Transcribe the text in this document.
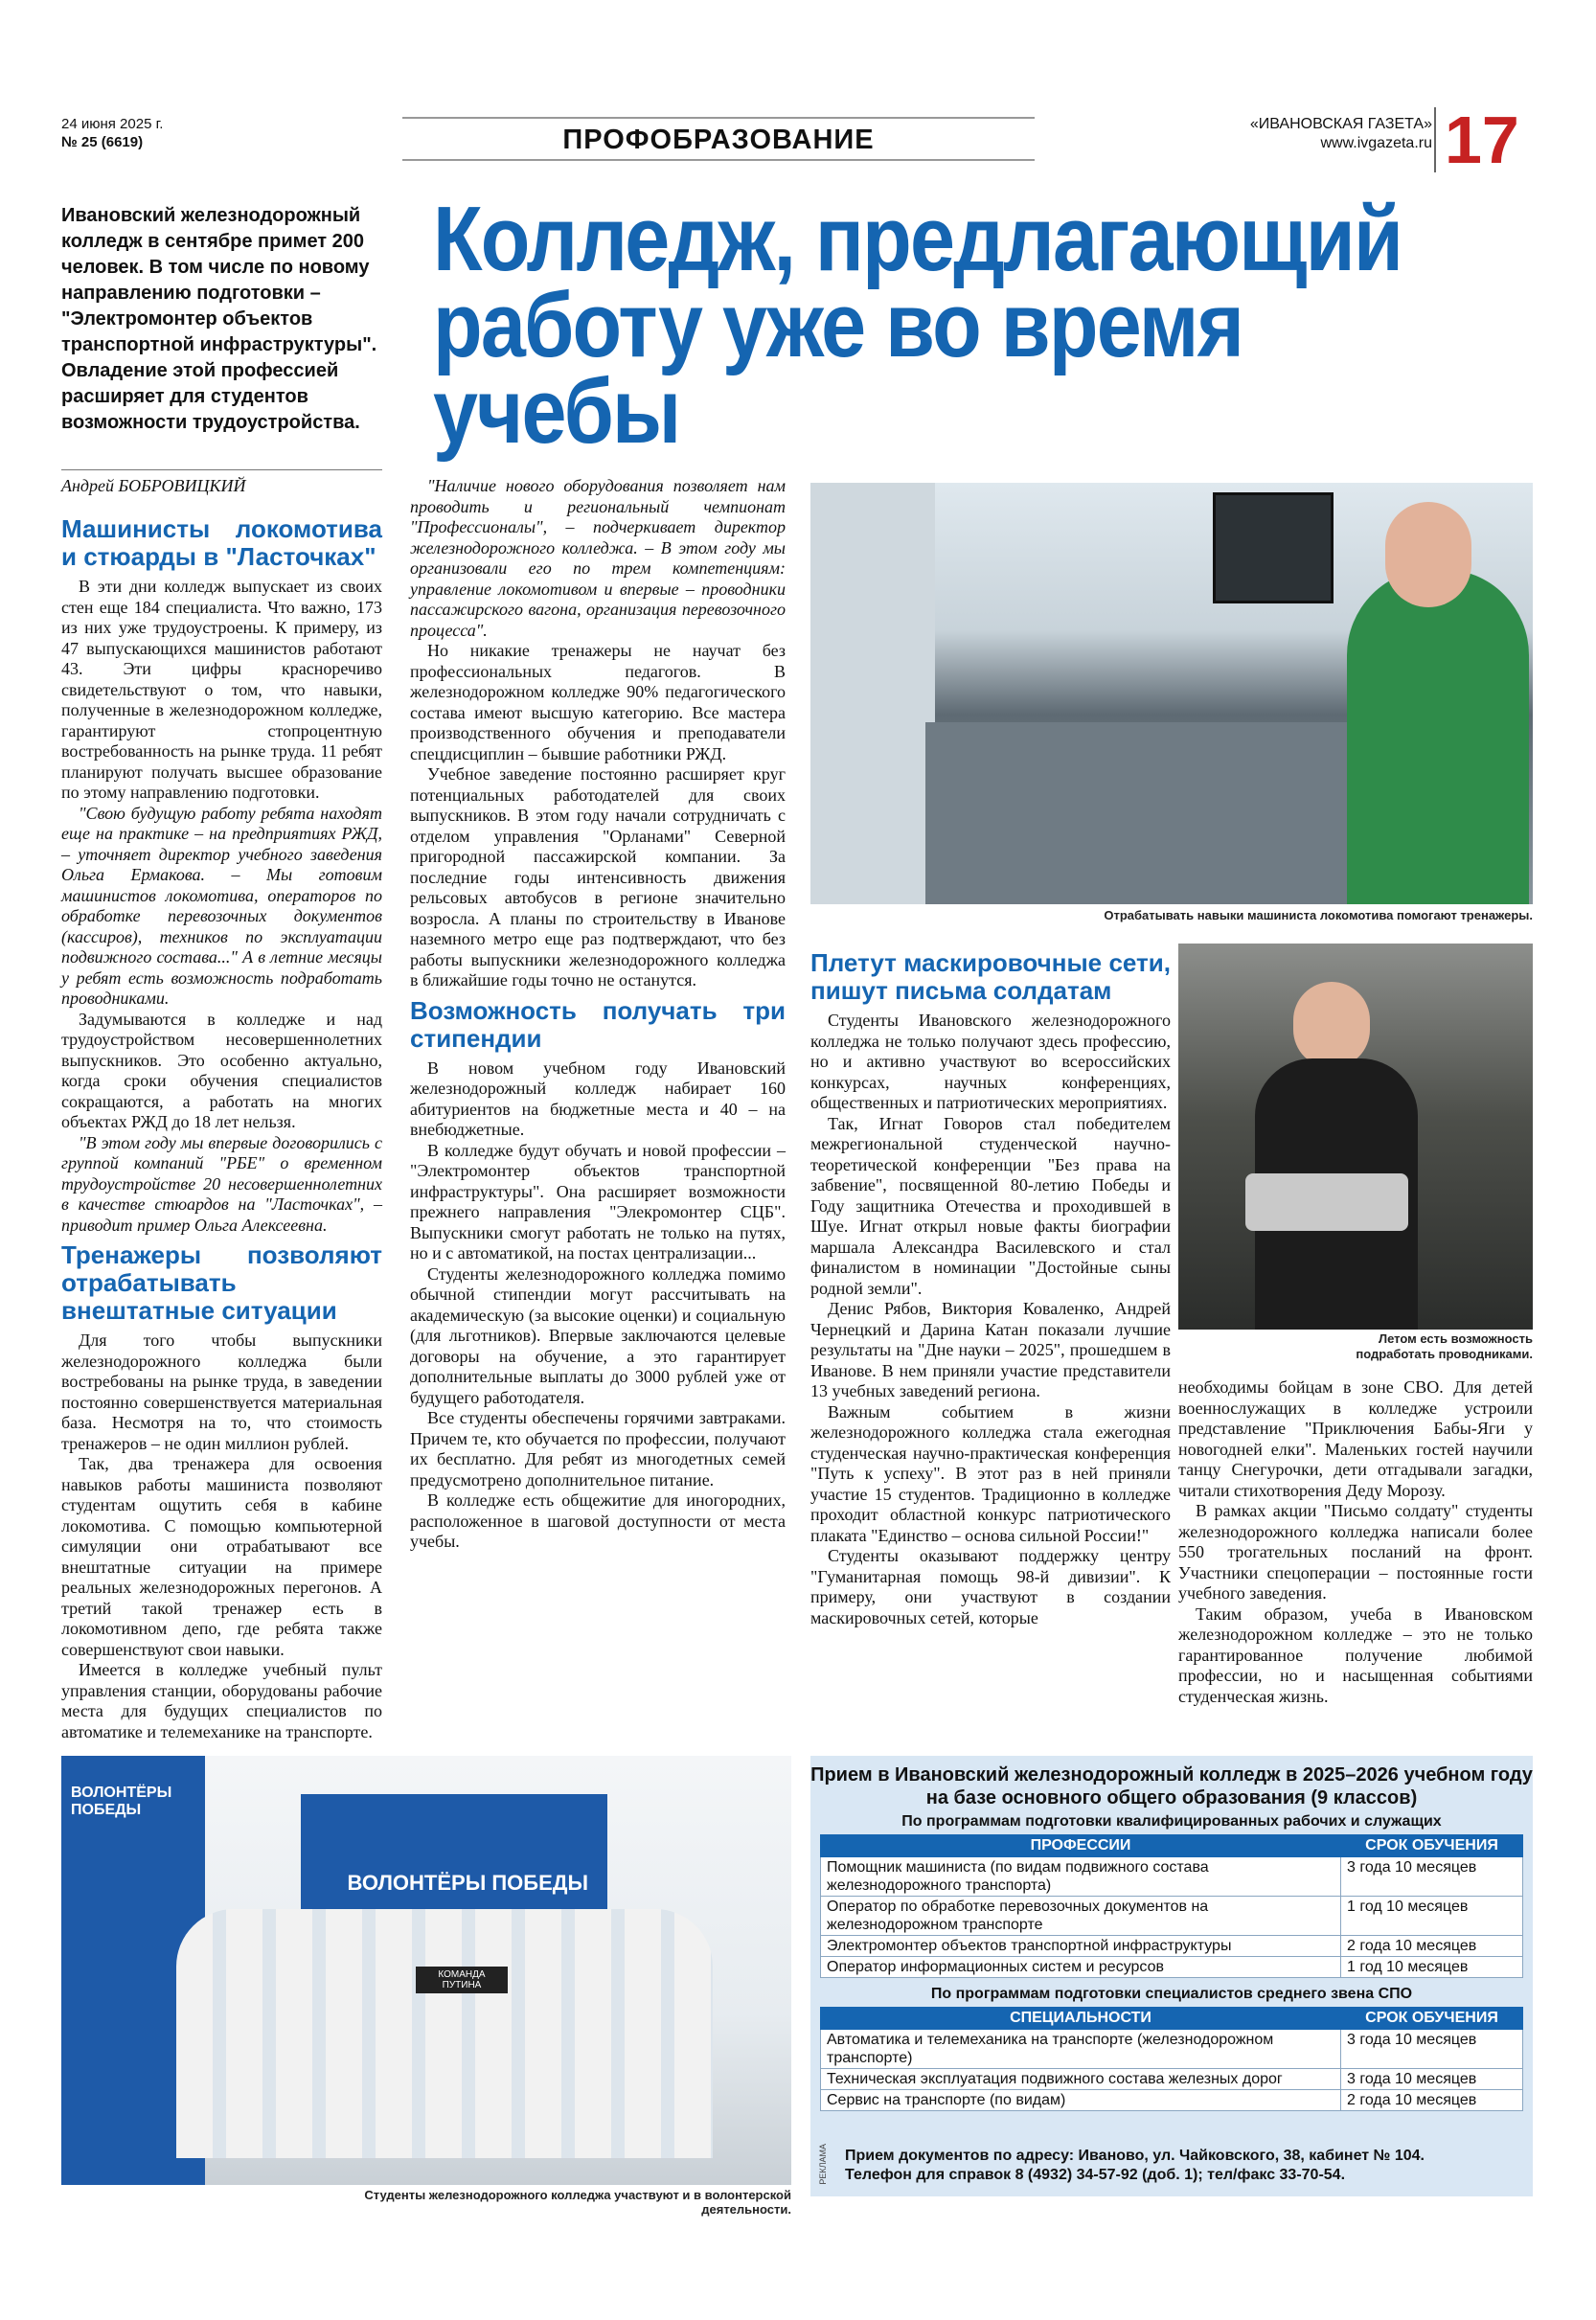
24 июня 2025 г.
№ 25 (6619)	ПРОФОБРАЗОВАНИЕ
«ИВАНОВСКАЯ ГАЗЕТА»
www.ivgazeta.ru 17
Ивановский железнодорожный колледж в сентябре примет 200 человек. В том числе по новому направлению подготовки – "Электромонтер объектов транспортной инфраструктуры". Овладение этой профессией расширяет для студентов возможности трудоустройства.
Андрей БОБРОВИЦКИЙ
Колледж, предлагающий работу уже во время учебы
Машинисты локомотива и стюарды в "Ласточках"

В эти дни колледж выпускает из своих стен еще 184 специалиста. Что важно, 173 из них уже трудоустроены. К примеру, из 47 выпускающихся машинистов работают 43. Эти цифры красноречиво свидетельствуют о том, что навыки, полученные в железнодорожном колледже, гарантируют стопроцентную востребованность на рынке труда. 11 ребят планируют получать высшее образование по этому направлению подготовки.

"Свою будущую работу ребята находят еще на практике – на предприятиях РЖД, – уточняет директор учебного заведения Ольга Ермакова. – Мы готовим машинистов локомотива, операторов по обработке перевозочных документов (кассиров), техников по эксплуатации подвижного состава..." А в летние месяцы у ребят есть возможность подработать проводниками.

Задумываются в колледже и над трудоустройством несовершеннолетних выпускников. Это особенно актуально, когда сроки обучения специалистов сокращаются, а работать на многих объектах РЖД до 18 лет нельзя.

"В этом году мы впервые договорились с группой компаний "РБЕ" о временном трудоустройстве 20 несовершеннолетних в качестве стюардов на "Ласточках", – приводит пример Ольга Алексеевна.

Тренажеры позволяют отрабатывать внештатные ситуации

Для того чтобы выпускники железнодорожного колледжа были востребованы на рынке труда, в заведении постоянно совершенствуется материальная база. Несмотря на то, что стоимость тренажеров – не один миллион рублей.

Так, два тренажера для освоения навыков работы машиниста позволяют студентам ощутить себя в кабине локомотива. С помощью компьютерной симуляции они отрабатывают все внештатные ситуации на примере реальных железнодорожных перегонов. А третий такой тренажер есть в локомотивном депо, где ребята также совершенствуют свои навыки.

Имеется в колледже учебный пульт управления станции, оборудованы рабочие места для будущих специалистов по автоматике и телемеханике на транспорте.

"Наличие нового оборудования позволяет нам проводить и региональный чемпионат "Профессионалы", – подчеркивает директор железнодорожного колледжа. – В этом году мы организовали его по трем компетенциям: управление локомотивом и впервые – проводники пассажирского вагона, организация перевозочного процесса".

Но никакие тренажеры не научат без профессиональных педагогов. В железнодорожном колледже 90% педагогического состава имеют высшую категорию. Все мастера производственного обучения и преподаватели спецдисциплин – бывшие работники РЖД.

Учебное заведение постоянно расширяет круг потенциальных работодателей для своих выпускников. В этом году начали сотрудничать с отделом управления "Орланами" Северной пригородной пассажирской компании. За последние годы интенсивность движения рельсовых автобусов в регионе значительно возросла. А планы по строительству в Иванове наземного метро еще раз подтверждают, что без работы выпускники железнодорожного колледжа в ближайшие годы точно не останутся.

Возможность получать три стипендии

В новом учебном году Ивановский железнодорожный колледж набирает 160 абитуриентов на бюджетные места и 40 – на внебюджетные.

В колледже будут обучать и новой профессии – "Электромонтер объектов транспортной инфраструктуры". Она расширяет возможности прежнего направления "Элекромонтер СЦБ". Выпускники смогут работать не только на путях, но и с автоматикой, на постах централизации...

Студенты железнодорожного колледжа помимо обычной стипендии могут рассчитывать на академическую (за высокие оценки) и социальную (для льготников). Впервые заключаются целевые договоры на обучение, а это гарантирует дополнительные выплаты до 3000 рублей уже от будущего работодателя.

Все студенты обеспечены горячими завтраками. Причем те, кто обучается по профессии, получают их бесплатно. Для ребят из многодетных семей предусмотрено дополнительное питание.

В колледже есть общежитие для иногородних, расположенное в шаговой доступности от места учебы.

Отрабатывать навыки машиниста локомотива помогают тренажеры.
Плетут маскировочные сети, пишут письма солдатам

Студенты Ивановского железнодорожного колледжа не только получают здесь профессию, но и активно участвуют во всероссийских конкурсах, научных конференциях, общественных и патриотических мероприятиях.

Так, Игнат Говоров стал победителем межрегиональной студенческой научно-теоретической конференции "Без права на забвение", посвященной 80-летию Победы и Году защитника Отечества и проходившей в Шуе. Игнат открыл новые факты биографии маршала Александра Василевского и стал финалистом в номинации "Достойные сыны родной земли".

Денис Рябов, Виктория Коваленко, Андрей Чернецкий и Дарина Катан показали лучшие результаты на "Дне науки – 2025", прошедшем в Иванове. В нем приняли участие представители 13 учебных заведений региона.

Важным событием в жизни железнодорожного колледжа стала ежегодная студенческая научно-практическая конференция "Путь к успеху". В этот раз в ней приняли участие 15 студентов. Традиционно в колледже проходит областной конкурс патриотического плаката "Единство – основа сильной России!"

Студенты оказывают поддержку центру "Гуманитарная помощь 98-й дивизии". К примеру, они участвуют в создании маскировочных сетей, которые

Летом есть возможность подработать проводниками.

необходимы бойцам в зоне СВО. Для детей военнослужащих в колледже устроили представление "Приключения Бабы-Яги у новогодней елки". Маленьких гостей научили танцу Снегурочки, дети отгадывали загадки, читали стихотворения Деду Морозу.

В рамках акции "Письмо солдату" студенты железнодорожного колледжа написали более 550 трогательных посланий на фронт. Участники спецоперации – постоянные гости учебного заведения.

Таким образом, учеба в Ивановском железнодорожном колледже – это не только гарантированное получение любимой профессии, но и насыщенная событиями студенческая жизнь.

ВОЛОНТЁРЫ ПОБЕДЫ
ВОЛОНТЁРЫ ПОБЕДЫ
КОМАНДА ПУТИНА
Студенты железнодорожного колледжа участвуют и в волонтерской деятельности.
Прием в Ивановский железнодорожный колледж в 2025–2026 учебном году
на базе основного общего образования (9 классов)
По программам подготовки квалифицированных рабочих и служащих
ПРОФЕССИИ	СРОК ОБУЧЕНИЯ
Помощник машиниста (по видам подвижного состава железнодорожного транспорта)	3 года 10 месяцев
Оператор по обработке перевозочных документов на железнодорожном транспорте	1 год 10 месяцев
Электромонтер объектов транспортной инфраструктуры	2 года 10 месяцев
Оператор информационных систем и ресурсов	1 год 10 месяцев
По программам подготовки специалистов среднего звена СПО
СПЕЦИАЛЬНОСТИ	СРОК ОБУЧЕНИЯ
Автоматика и телемеханика на транспорте (железнодорожном транспорте)	3 года 10 месяцев
Техническая эксплуатация подвижного состава железных дорог	3 года 10 месяцев
Сервис на транспорте (по видам)	2 года 10 месяцев
РЕКЛАМА Прием документов по адресу: Иваново, ул. Чайковского, 38, кабинет № 104.
Телефон для справок 8 (4932) 34-57-92 (доб. 1); тел/факс 33-70-54.
